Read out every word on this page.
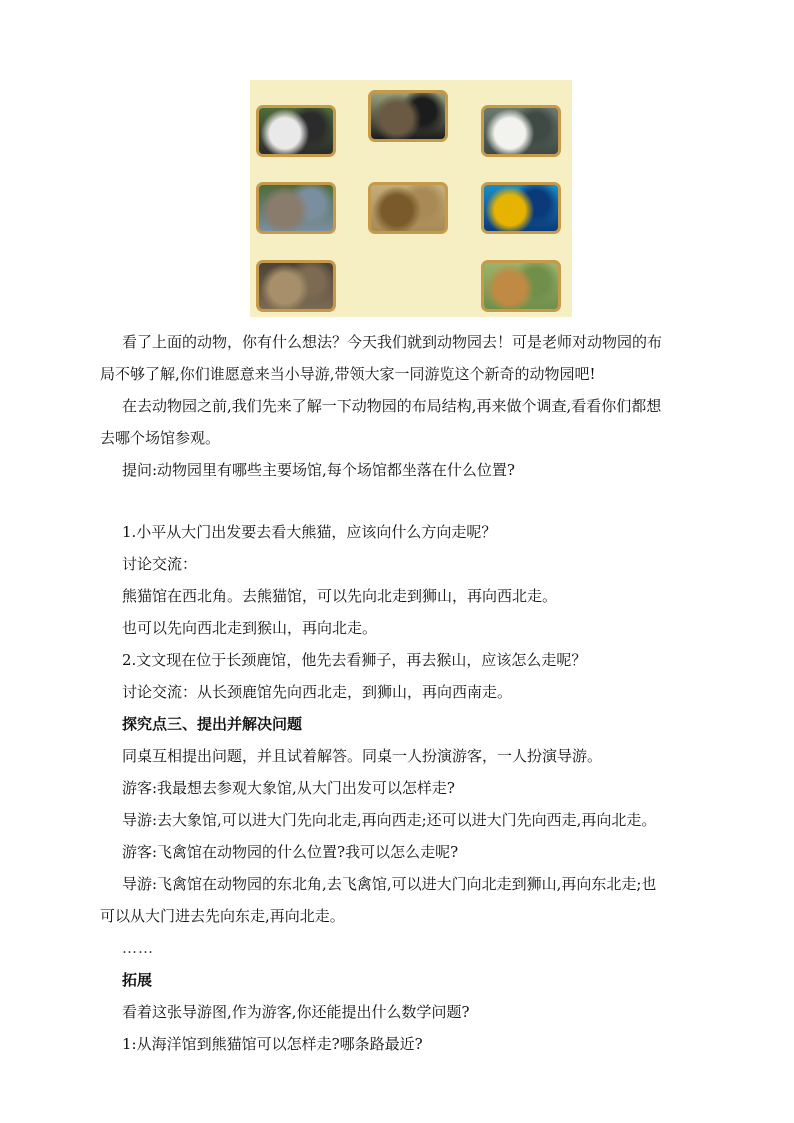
看了上面的动物，你有什么想法？今天我们就到动物园去！可是老师对动物园的布
局不够了解,你们谁愿意来当小导游,带领大家一同游览这个新奇的动物园吧!
在去动物园之前,我们先来了解一下动物园的布局结构,再来做个调查,看看你们都想
去哪个场馆参观。
提问:动物园里有哪些主要场馆,每个场馆都坐落在什么位置?
1.小平从大门出发要去看大熊猫，应该向什么方向走呢？
讨论交流：
熊猫馆在西北角。去熊猫馆，可以先向北走到狮山，再向西北走。
也可以先向西北走到猴山，再向北走。
2.文文现在位于长颈鹿馆，他先去看狮子，再去猴山，应该怎么走呢？
讨论交流：从长颈鹿馆先向西北走，到狮山，再向西南走。
探究点三、提出并解决问题
同桌互相提出问题，并且试着解答。同桌一人扮演游客，一人扮演导游。
游客:我最想去参观大象馆,从大门出发可以怎样走?
导游:去大象馆,可以进大门先向北走,再向西走;还可以进大门先向西走,再向北走。
游客:飞禽馆在动物园的什么位置?我可以怎么走呢?
导游:飞禽馆在动物园的东北角,去飞禽馆,可以进大门向北走到狮山,再向东北走;也
可以从大门进去先向东走,再向北走。
……
拓展
看着这张导游图,作为游客,你还能提出什么数学问题?
1:从海洋馆到熊猫馆可以怎样走?哪条路最近?
